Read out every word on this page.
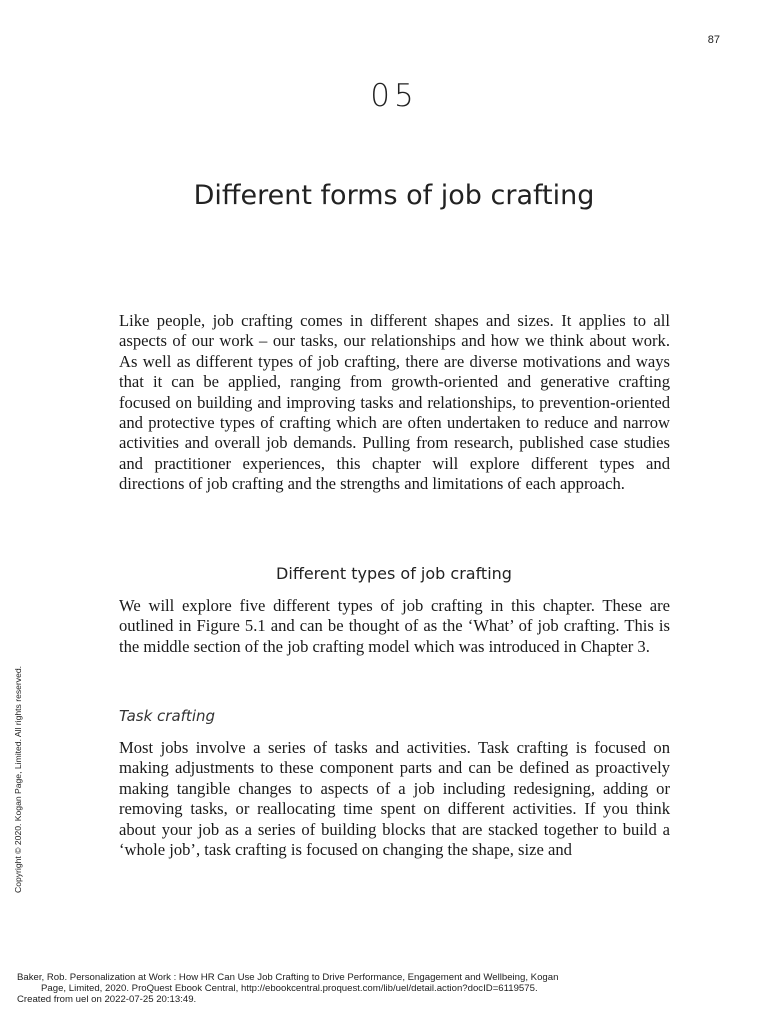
87
05
Different forms of job crafting

Like people, job crafting comes in different shapes and sizes. It applies to all aspects of our work – our tasks, our relationships and how we think about work. As well as different types of job crafting, there are diverse motivations and ways that it can be applied, ranging from growth-oriented and generative crafting focused on building and improving tasks and relationships, to prevention-oriented and protective types of crafting which are often undertaken to reduce and narrow activities and overall job demands. Pulling from research, published case studies and practitioner experiences, this chapter will explore different types and directions of job crafting and the strengths and limitations of each approach.

Different types of job crafting

We will explore five different types of job crafting in this chapter. These are outlined in Figure 5.1 and can be thought of as the ‘What’ of job crafting. This is the middle section of the job crafting model which was introduced in Chapter 3.

Task crafting

Most jobs involve a series of tasks and activities. Task crafting is focused on making adjustments to these component parts and can be defined as proactively making tangible changes to aspects of a job including redesigning, adding or removing tasks, or reallocating time spent on different activities. If you think about your job as a series of building blocks that are stacked together to build a ‘whole job’, task crafting is focused on changing the shape, size and

Copyright © 2020. Kogan Page, Limited. All rights reserved.
Baker, Rob. Personalization at Work : How HR Can Use Job Crafting to Drive Performance, Engagement and Wellbeing, Kogan
Page, Limited, 2020. ProQuest Ebook Central, http://ebookcentral.proquest.com/lib/uel/detail.action?docID=6119575.
Created from uel on 2022-07-25 20:13:49.
